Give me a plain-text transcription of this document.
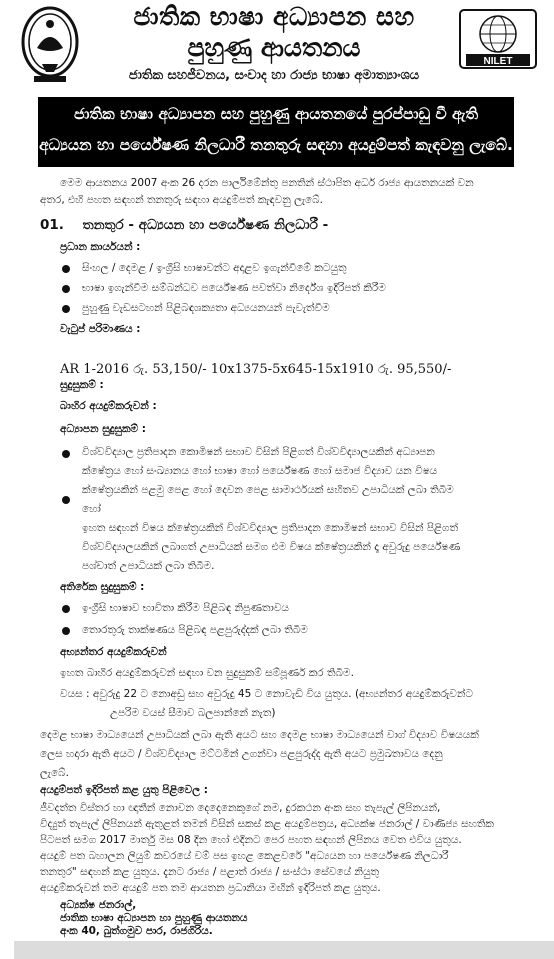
ජාතික භාෂා අධ්‍යාපන සහ
පුහුණු ආයතනය
ජාතික සහජීවනය, සංවාද හා රාජ්‍ය භාෂා අමාත්‍යාංශය
NILET
ජාතික භාෂා අධ්‍යාපන සහ පුහුණු ආයතනයේ පුරප්පාඩු වී ඇති
අධ්‍යයන හා පර්යේෂණ නිලධාරී තනතුරු සඳහා අයදුම්පත් කැඳවනු ලැබේ.
මෙම ආයතනය 2007 අංක 26 දරන පාර්ලිමේන්තු පනතින් ස්ථාපිත අර්ධ රාජ්‍ය ආයතනයක් වන
අතර, එහි පහත සඳහන් තනතුරු සඳහා අයදුම්පත් කැඳවනු ලැබේ.
01. තනතුර - අධ්‍යයන හා පර්යේෂණ නිලධාරී -
ප්‍රධාන කාර්යයන් :
සිංහල / දෙමළ / ඉංග්‍රීසි භාෂාවන්ට අදාළව ඉගැන්වීමේ කටයුතු
භාෂා ඉගැන්වීම සම්බන්ධව පර්යේෂණ පවත්වා නිර්දේශ ඉදිරිපත් කිරීම
පුහුණු වැඩසටහන් පිළිබඳශක්‍යතා අධ්‍යයනයන් පැවැත්වීම
වැටුප් පරිමාණය :
AR 1-2016 රු. 53,150/- 10x1375-5x645-15x1910 රු. 95,550/-
සුදුසුකම් :
බාහිර අයදුම්කරුවන් :
අධ්‍යාපන සුදුසුකම් :
විශ්වවිද්‍යාල ප්‍රතිපාදන කොමිෂන් සභාව විසින් පිළිගත් විශ්වවිද්‍යාලයකින් අධ්‍යාපන
ක්ෂේත්‍රය හෝ සංඛ්‍යානය හෝ භාෂා හෝ පර්යේෂණ හෝ සමාජ විද්‍යාව යන විෂය
ක්ෂේත්‍රයකින් පළමු පෙළ හෝ දෙවන පෙළ සාමාර්ථයක් සහිතව උපාධියක් ලබා තිබීම
හෝ
ඉහත සඳහන් විෂය ක්ෂේත්‍රයකින් විශ්වවිද්‍යාල ප්‍රතිපාදන කොමිෂන් සභාව විසින් පිළිගත්
විශ්වවිද්‍යාලයකින් ලබාගත් උපාධියක් සමග එම විෂය ක්ෂේත්‍රයකින් දෑ අවුරුදු පර්යේෂණ
පශ්චාත් උපාධියක් ලබා තිබීම.
අතිරේක සුදුසුකම් :
ඉංග්‍රීසි භාෂාව භාවිතා කිරීම පිළිබඳ නිපුණතාවය
තොරතුරු තාක්ෂණය පිළිබඳ පළපුරුද්දක් ලබා තිබීම
අභ්‍යන්තර අයදුම්කරුවන්
ඉහත බාහිර අයදුම්කරුවන් සඳහා වන සුදුසුකම් සම්පූර්ණ කර තිබීම.
වයස : අවුරුදු 22 ට නොඅඩු සහ අවුරුදු 45 ට නොවැඩි විය යුතුය. (අභ්‍යන්තර අයදුම්කරුවන්ට
උපරිම වයස් සීමාව බලපාන්නේ නැත)
දෙමළ භාෂා මාධ්‍යයෙන් උපාධියක් ලබා ඇති අයට සහ දෙමළ භාෂා මාධ්‍යයෙන් වාග් විද්‍යාව විෂයයක්
ලෙස හදාරා ඇති අයට / විශ්වවිද්‍යාල මට්ටමින් උගන්වා පළපුරුද්ද ඇති අයට ප්‍රමුඛතාවය දෙනු
ලැබේ.
අයදුම්පත් ඉදිරිපත් කළ යුතු පිළිවෙල :
ජීවදත්ත විස්තර හා ඥාතීන් නොවන දෙදෙනෙකුගේ නම, දුරකථන අංක සහ තැපැල් ලිපිනයන්,
විද්‍යුත් තැපැල් ලිපිනයන් ඇතුළත් තමන් විසින් සකස් කළ අයදුම්පත්‍රය, අධ්‍යක්ෂ ජනරාල් / වාණිජ්‍ය සහතික
පිටපත් සමග 2017 මාර්තු මස 08 දින හෝ එදිනට පෙර පහත සඳහන් ලිපිනය වෙත එවිය යුතුය.
අයදුම් පත බහාලන ලියුම් කවරයේ වම් පස ඉහළ කෙළවරේ "අධ්‍යයන හා පර්යේෂණ නිලධාරී
තනතුර" සඳහන් කළ යුතුය. දැනට රාජ්‍ය / පළාත් රාජ්‍ය / සංස්ථා සේවයේ නියුතු
අයදුම්කරුවන් තම අයදුම් පත තම ආයතන ප්‍රධානියා මඟින් ඉදිරිපත් කළ යුතුය.
අධ්‍යක්ෂ ජනරාල්,
ජාතික භාෂා අධ්‍යාපන හා පුහුණු ආයතනය
අංක 40, බුත්ගමුව පාර, රාජගිරිය.
